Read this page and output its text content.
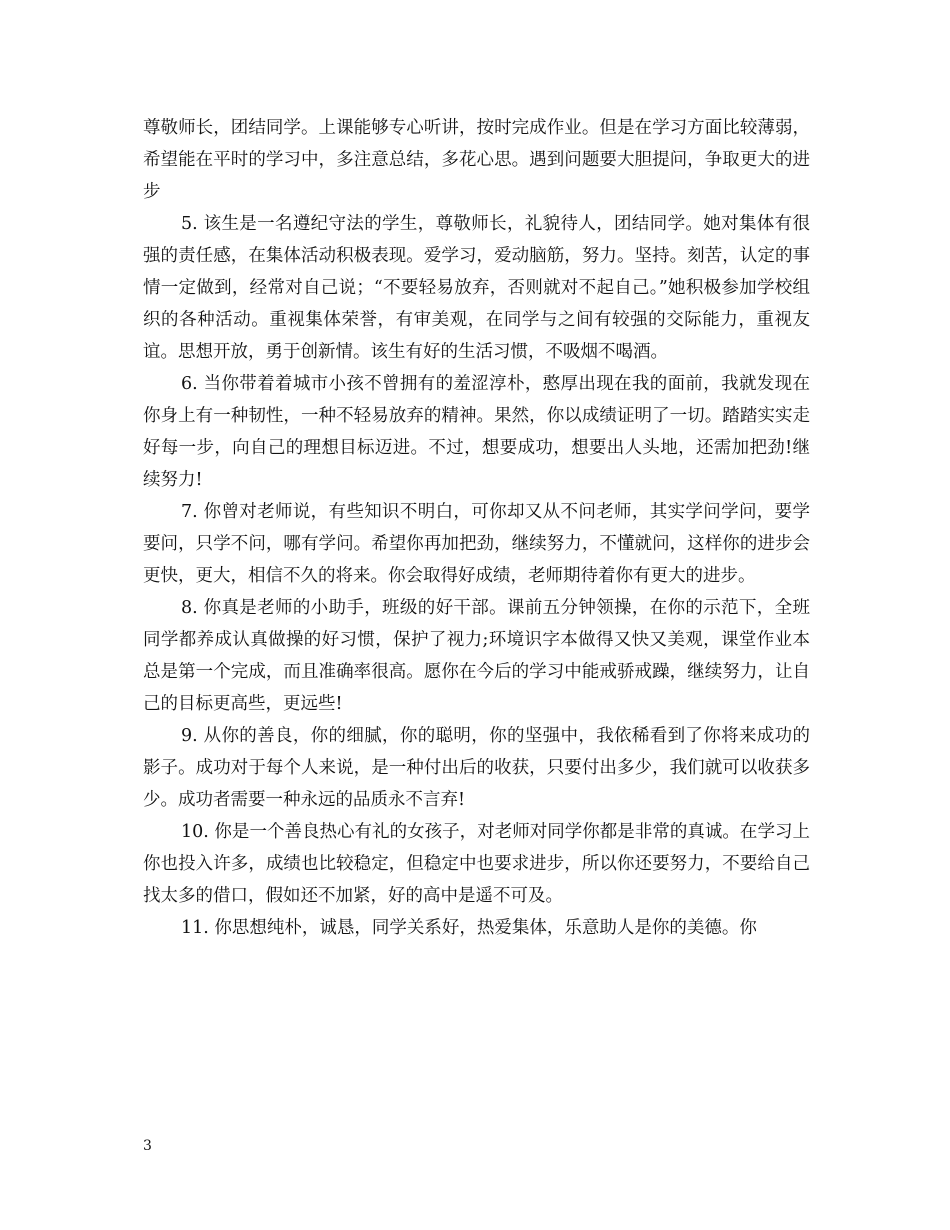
尊敬师长，团结同学。上课能够专心听讲，按时完成作业。但是在学习方面比较薄弱，希望能在平时的学习中，多注意总结，多花心思。遇到问题要大胆提问，争取更大的进步

5. 该生是一名遵纪守法的学生，尊敬师长，礼貌待人，团结同学。她对集体有很强的责任感，在集体活动积极表现。爱学习，爱动脑筋，努力。坚持。刻苦，认定的事情一定做到，经常对自己说；“不要轻易放弃，否则就对不起自己。”她积极参加学校组织的各种活动。重视集体荣誉，有审美观，在同学与之间有较强的交际能力，重视友谊。思想开放，勇于创新情。该生有好的生活习惯，不吸烟不喝酒。

6. 当你带着着城市小孩不曾拥有的羞涩淳朴，憨厚出现在我的面前，我就发现在你身上有一种韧性，一种不轻易放弃的精神。果然，你以成绩证明了一切。踏踏实实走好每一步，向自己的理想目标迈进。不过，想要成功，想要出人头地，还需加把劲!继续努力!

7. 你曾对老师说，有些知识不明白，可你却又从不问老师，其实学问学问，要学要问，只学不问，哪有学问。希望你再加把劲，继续努力，不懂就问，这样你的进步会更快，更大，相信不久的将来。你会取得好成绩，老师期待着你有更大的进步。

8. 你真是老师的小助手，班级的好干部。课前五分钟领操，在你的示范下，全班同学都养成认真做操的好习惯，保护了视力;环境识字本做得又快又美观，课堂作业本总是第一个完成，而且准确率很高。愿你在今后的学习中能戒骄戒躁，继续努力，让自己的目标更高些，更远些!

9. 从你的善良，你的细腻，你的聪明，你的坚强中，我依稀看到了你将来成功的影子。成功对于每个人来说，是一种付出后的收获，只要付出多少，我们就可以收获多少。成功者需要一种永远的品质永不言弃!

10. 你是一个善良热心有礼的女孩子，对老师对同学你都是非常的真诚。在学习上你也投入许多，成绩也比较稳定，但稳定中也要求进步，所以你还要努力，不要给自己找太多的借口，假如还不加紧，好的高中是遥不可及。

11. 你思想纯朴，诚恳，同学关系好，热爱集体，乐意助人是你的美德。你

3
